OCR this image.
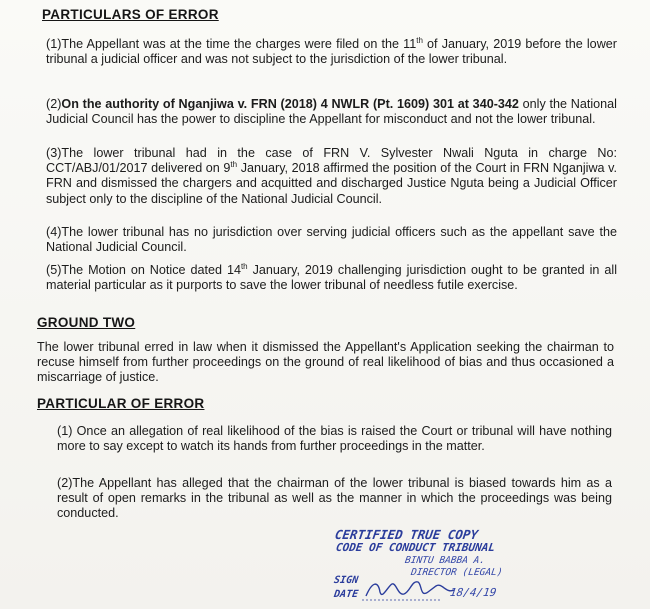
PARTICULARS OF ERROR
(1)The Appellant was at the time the charges were filed on the 11th of January, 2019 before the lower tribunal a judicial officer and was not subject to the jurisdiction of the lower tribunal.
(2)On the authority of Nganjiwa v. FRN (2018) 4 NWLR (Pt. 1609) 301 at 340-342 only the National Judicial Council has the power to discipline the Appellant for misconduct and not the lower tribunal.
(3)The lower tribunal had in the case of FRN V. Sylvester Nwali Nguta in charge No: CCT/ABJ/01/2017 delivered on 9th January, 2018 affirmed the position of the Court in FRN Nganjiwa v. FRN and dismissed the chargers and acquitted and discharged Justice Nguta being a Judicial Officer subject only to the discipline of the National Judicial Council.
(4)The lower tribunal has no jurisdiction over serving judicial officers such as the appellant save the National Judicial Council.
(5)The Motion on Notice dated 14th January, 2019 challenging jurisdiction ought to be granted in all material particular as it purports to save the lower tribunal of needless futile exercise.
GROUND TWO
The lower tribunal erred in law when it dismissed the Appellant's Application seeking the chairman to recuse himself from further proceedings on the ground of real likelihood of bias and thus occasioned a miscarriage of justice.
PARTICULAR OF ERROR
(1) Once an allegation of real likelihood of the bias is raised the Court or tribunal will have nothing more to say except to watch its hands from further proceedings in the matter.
(2)The Appellant has alleged that the chairman of the lower tribunal is biased towards him as a result of open remarks in the tribunal as well as the manner in which the proceedings was being conducted.
CERTIFIED TRUE COPY
CODE OF CONDUCT TRIBUNAL
BINTU BABBA A.
DIRECTOR (LEGAL)
SIGN
DATE	18/4/19
